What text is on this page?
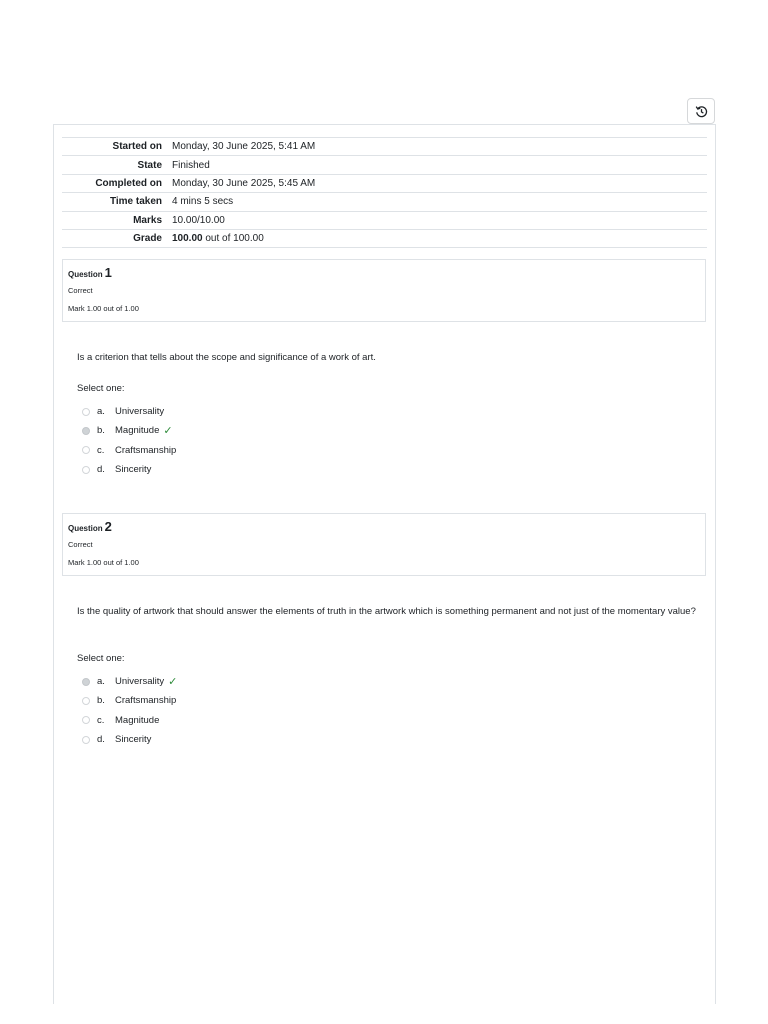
Started on	Monday, 30 June 2025, 5:41 AM
State	Finished
Completed on	Monday, 30 June 2025, 5:45 AM
Time taken	4 mins 5 secs
Marks	10.00/10.00
Grade	100.00 out of 100.00
Question 1
Correct
Mark 1.00 out of 1.00
Is a criterion that tells about the scope and significance of a work of art.
Select one:
a.	Universality
b.	Magnitude ✓
c.	Craftsmanship
d.	Sincerity
Question 2
Correct
Mark 1.00 out of 1.00
Is the quality of artwork that should answer the elements of truth in the artwork which is something permanent and not just of the momentary value?
Select one:
a.	Universality ✓
b.	Craftsmanship
c.	Magnitude
d.	Sincerity
